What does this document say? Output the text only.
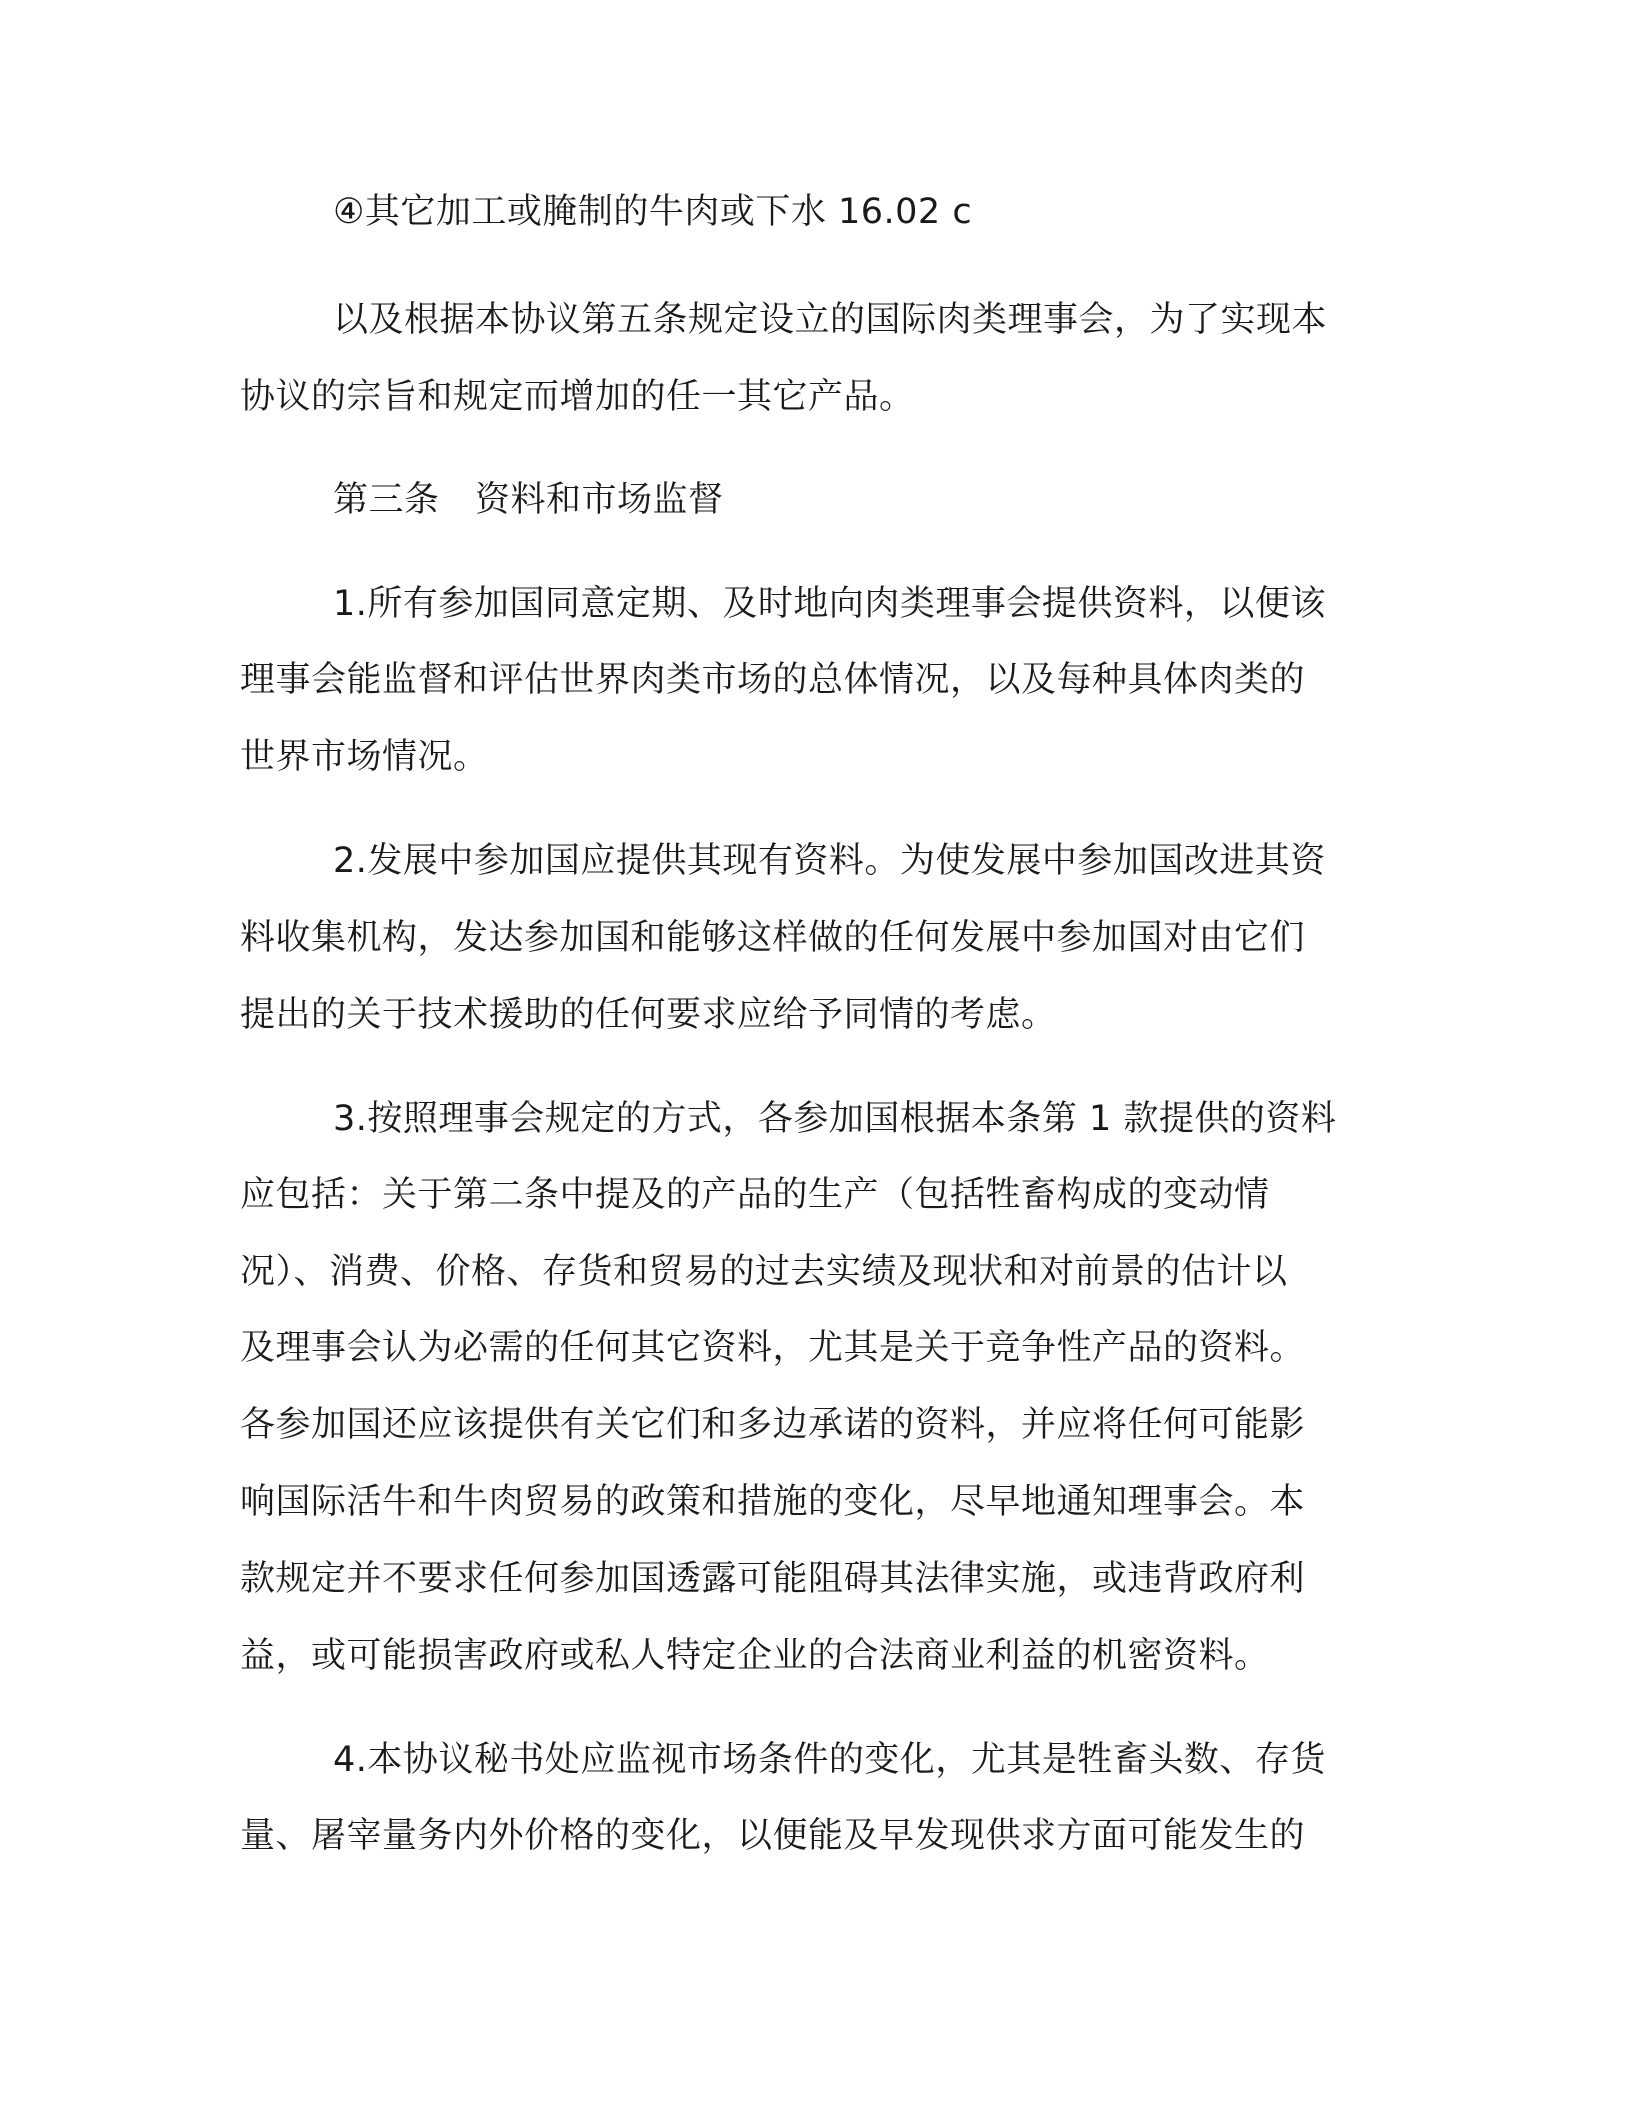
④其它加工或腌制的牛肉或下水 16.02 c
以及根据本协议第五条规定设立的国际肉类理事会，为了实现本
协议的宗旨和规定而增加的任一其它产品。
第三条　资料和市场监督
1.所有参加国同意定期、及时地向肉类理事会提供资料，以便该
理事会能监督和评估世界肉类市场的总体情况，以及每种具体肉类的
世界市场情况。
2.发展中参加国应提供其现有资料。为使发展中参加国改进其资
料收集机构，发达参加国和能够这样做的任何发展中参加国对由它们
提出的关于技术援助的任何要求应给予同情的考虑。
3.按照理事会规定的方式，各参加国根据本条第 1 款提供的资料
应包括：关于第二条中提及的产品的生产（包括牲畜构成的变动情
况）、消费、价格、存货和贸易的过去实绩及现状和对前景的估计以
及理事会认为必需的任何其它资料，尤其是关于竞争性产品的资料。
各参加国还应该提供有关它们和多边承诺的资料，并应将任何可能影
响国际活牛和牛肉贸易的政策和措施的变化，尽早地通知理事会。本
款规定并不要求任何参加国透露可能阻碍其法律实施，或违背政府利
益，或可能损害政府或私人特定企业的合法商业利益的机密资料。
4.本协议秘书处应监视市场条件的变化，尤其是牲畜头数、存货
量、屠宰量务内外价格的变化，以便能及早发现供求方面可能发生的
